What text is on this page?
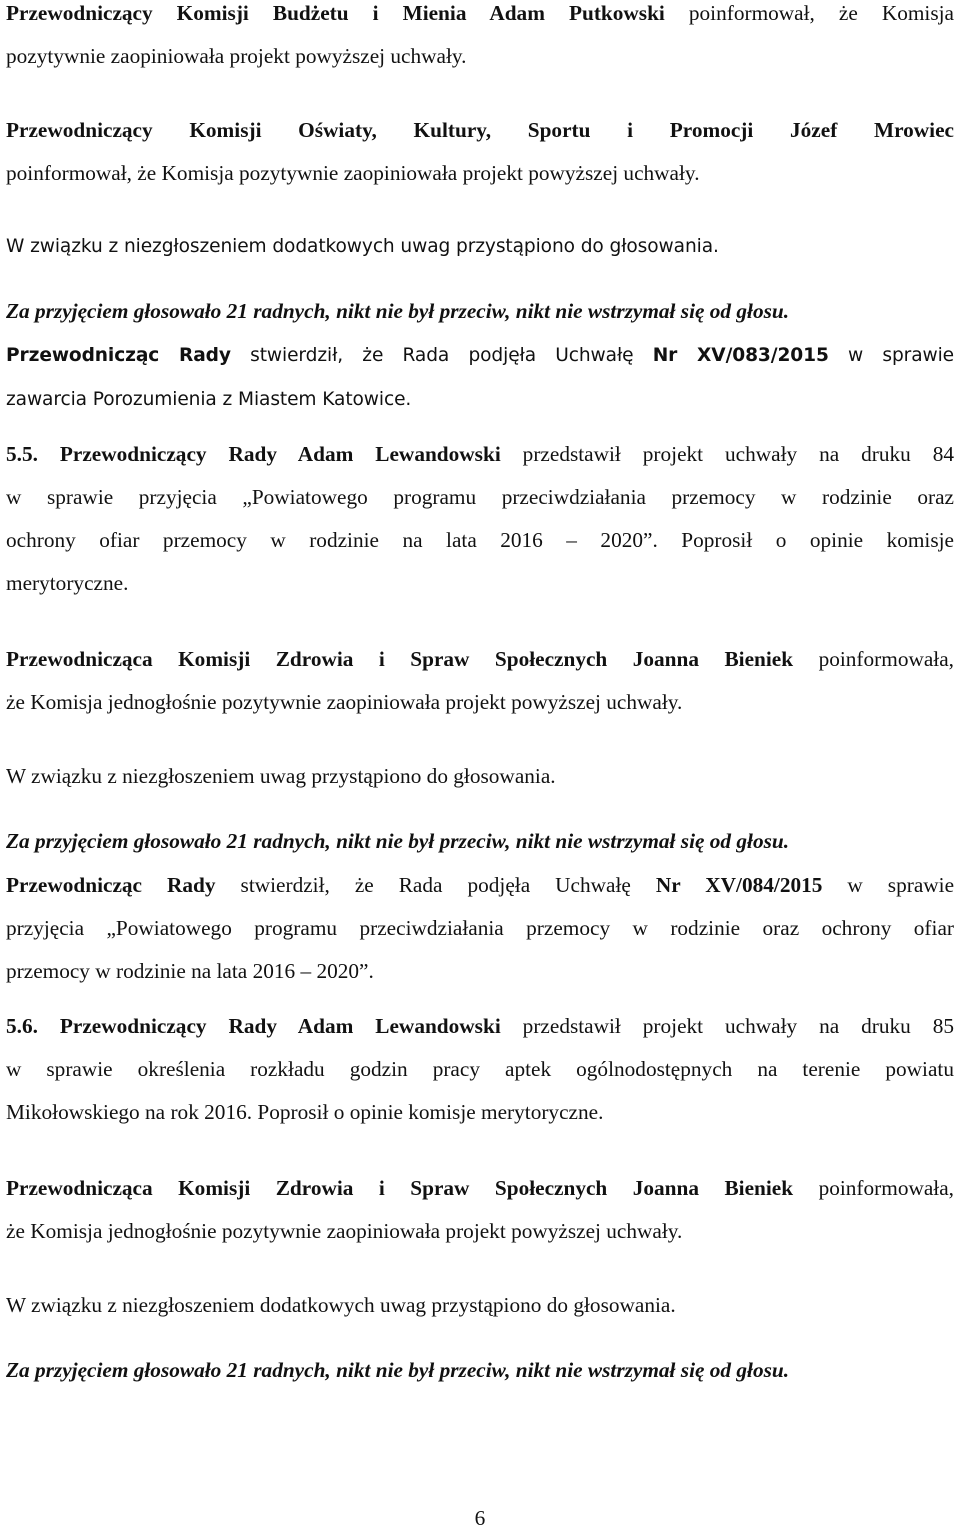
Przewodniczący Komisji Budżetu i Mienia Adam Putkowski poinformował, że Komisja
pozytywnie zaopiniowała projekt powyższej uchwały.
Przewodniczący Komisji Oświaty, Kultury, Sportu i Promocji Józef Mrowiec
poinformował, że Komisja pozytywnie zaopiniowała projekt powyższej uchwały.
W związku z niezgłoszeniem dodatkowych uwag przystąpiono do głosowania.
Za przyjęciem głosowało 21 radnych, nikt nie był przeciw, nikt nie wstrzymał się od głosu.
Przewodnicząc Rady stwierdził, że Rada podjęła Uchwałę Nr XV/083/2015 w sprawie
zawarcia Porozumienia z Miastem Katowice.
5.5. Przewodniczący Rady Adam Lewandowski przedstawił projekt uchwały na druku 84
w sprawie przyjęcia „Powiatowego programu przeciwdziałania przemocy w rodzinie oraz
ochrony ofiar przemocy w rodzinie na lata 2016 – 2020”. Poprosił o opinie komisje
merytoryczne.
Przewodnicząca Komisji Zdrowia i Spraw Społecznych Joanna Bieniek poinformowała,
że Komisja jednogłośnie pozytywnie zaopiniowała projekt powyższej uchwały.
W związku z niezgłoszeniem uwag przystąpiono do głosowania.
Za przyjęciem głosowało 21 radnych, nikt nie był przeciw, nikt nie wstrzymał się od głosu.
Przewodnicząc Rady stwierdził, że Rada podjęła Uchwałę Nr XV/084/2015 w sprawie
przyjęcia „Powiatowego programu przeciwdziałania przemocy w rodzinie oraz ochrony ofiar
przemocy w rodzinie na lata 2016 – 2020”.
5.6. Przewodniczący Rady Adam Lewandowski przedstawił projekt uchwały na druku 85
w sprawie określenia rozkładu godzin pracy aptek ogólnodostępnych na terenie powiatu
Mikołowskiego na rok 2016. Poprosił o opinie komisje merytoryczne.
Przewodnicząca Komisji Zdrowia i Spraw Społecznych Joanna Bieniek poinformowała,
że Komisja jednogłośnie pozytywnie zaopiniowała projekt powyższej uchwały.
W związku z niezgłoszeniem dodatkowych uwag przystąpiono do głosowania.
Za przyjęciem głosowało 21 radnych, nikt nie był przeciw, nikt nie wstrzymał się od głosu.
6
